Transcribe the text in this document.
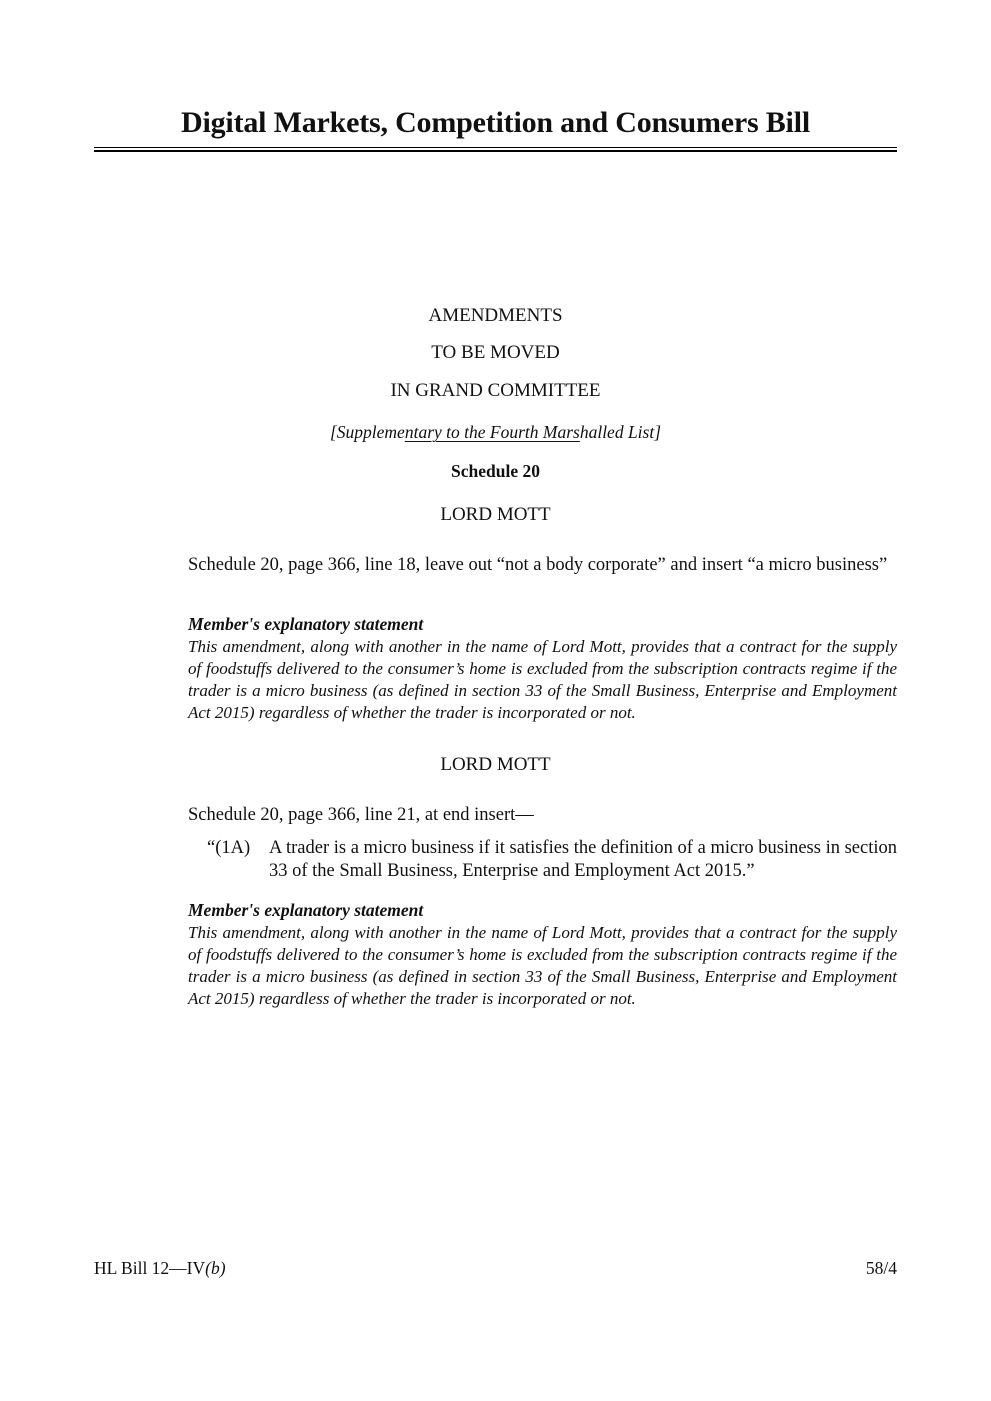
Digital Markets, Competition and Consumers Bill
AMENDMENTS
TO BE MOVED
IN GRAND COMMITTEE
[Supplementary to the Fourth Marshalled List]
Schedule 20
LORD MOTT
Schedule 20, page 366, line 18, leave out “not a body corporate” and insert “a micro business”
Member's explanatory statement
This amendment, along with another in the name of Lord Mott, provides that a contract for the supply of foodstuffs delivered to the consumer’s home is excluded from the subscription contracts regime if the trader is a micro business (as defined in section 33 of the Small Business, Enterprise and Employment Act 2015) regardless of whether the trader is incorporated or not.
LORD MOTT
Schedule 20, page 366, line 21, at end insert—
“(1A)	A trader is a micro business if it satisfies the definition of a micro business in section 33 of the Small Business, Enterprise and Employment Act 2015.”
Member's explanatory statement
This amendment, along with another in the name of Lord Mott, provides that a contract for the supply of foodstuffs delivered to the consumer’s home is excluded from the subscription contracts regime if the trader is a micro business (as defined in section 33 of the Small Business, Enterprise and Employment Act 2015) regardless of whether the trader is incorporated or not.
HL Bill 12—IV(b)	58/4
